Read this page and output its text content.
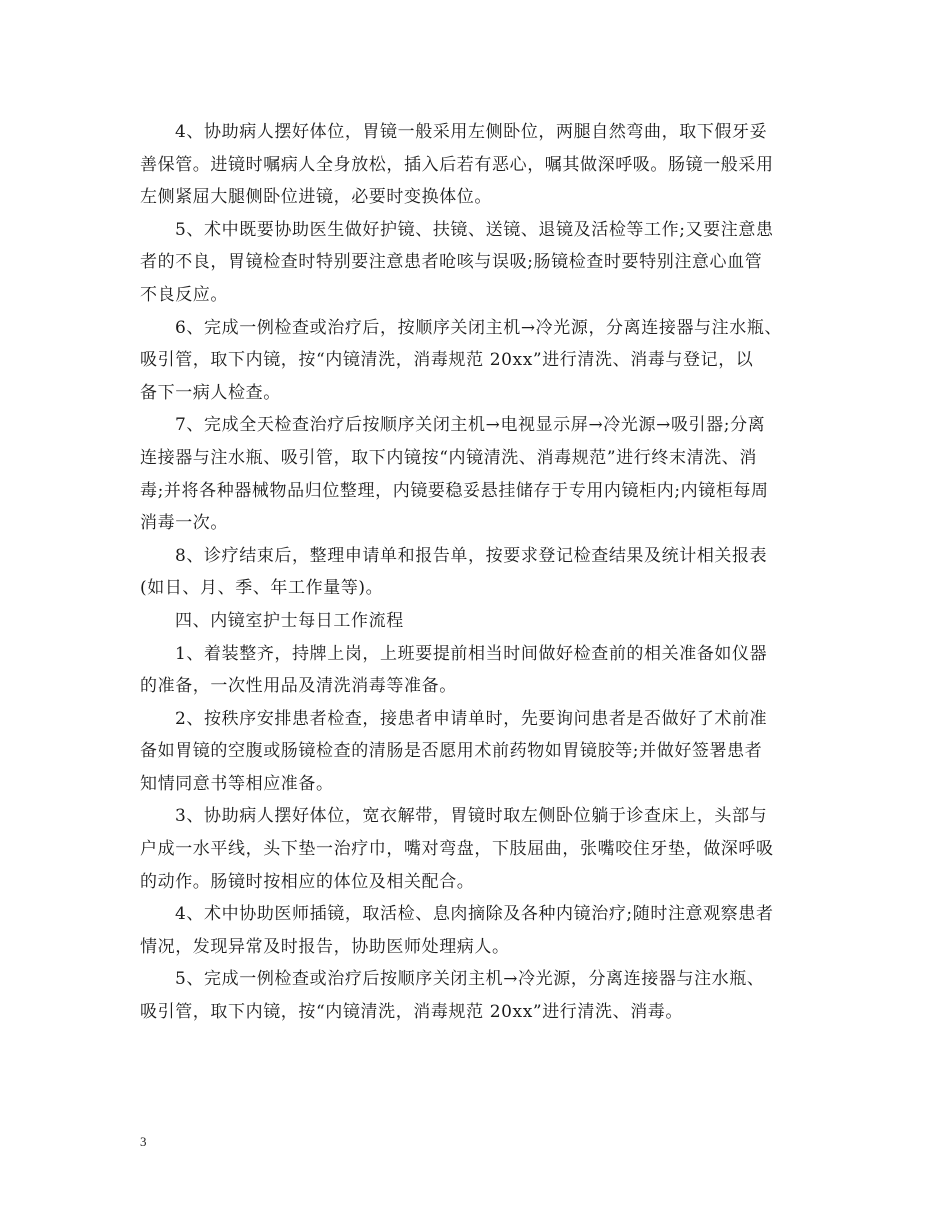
4、协助病人摆好体位，胃镜一般采用左侧卧位，两腿自然弯曲，取下假牙妥
善保管。进镜时嘱病人全身放松，插入后若有恶心，嘱其做深呼吸。肠镜一般采用
左侧紧屈大腿侧卧位进镜，必要时变换体位。

5、术中既要协助医生做好护镜、扶镜、送镜、退镜及活检等工作;又要注意患
者的不良，胃镜检查时特别要注意患者呛咳与误吸;肠镜检查时要特别注意心血管
不良反应。

6、完成一例检查或治疗后，按顺序关闭主机→冷光源，分离连接器与注水瓶、
吸引管，取下内镜，按“内镜清洗，消毒规范 20xx”进行清洗、消毒与登记，以
备下一病人检查。

7、完成全天检查治疗后按顺序关闭主机→电视显示屏→冷光源→吸引器;分离
连接器与注水瓶、吸引管，取下内镜按“内镜清洗、消毒规范”进行终末清洗、消
毒;并将各种器械物品归位整理，内镜要稳妥悬挂储存于专用内镜柜内;内镜柜每周
消毒一次。

8、诊疗结束后，整理申请单和报告单，按要求登记检查结果及统计相关报表
(如日、月、季、年工作量等)。

四、内镜室护士每日工作流程

1、着装整齐，持牌上岗，上班要提前相当时间做好检查前的相关准备如仪器
的准备，一次性用品及清洗消毒等准备。

2、按秩序安排患者检查，接患者申请单时，先要询问患者是否做好了术前准
备如胃镜的空腹或肠镜检查的清肠是否愿用术前药物如胃镜胶等;并做好签署患者
知情同意书等相应准备。

3、协助病人摆好体位，宽衣解带，胃镜时取左侧卧位躺于诊查床上，头部与
户成一水平线，头下垫一治疗巾，嘴对弯盘，下肢屈曲，张嘴咬住牙垫，做深呼吸
的动作。肠镜时按相应的体位及相关配合。

4、术中协助医师插镜，取活检、息肉摘除及各种内镜治疗;随时注意观察患者
情况，发现异常及时报告，协助医师处理病人。

5、完成一例检查或治疗后按顺序关闭主机→冷光源，分离连接器与注水瓶、
吸引管，取下内镜，按“内镜清洗，消毒规范 20xx”进行清洗、消毒。

3
